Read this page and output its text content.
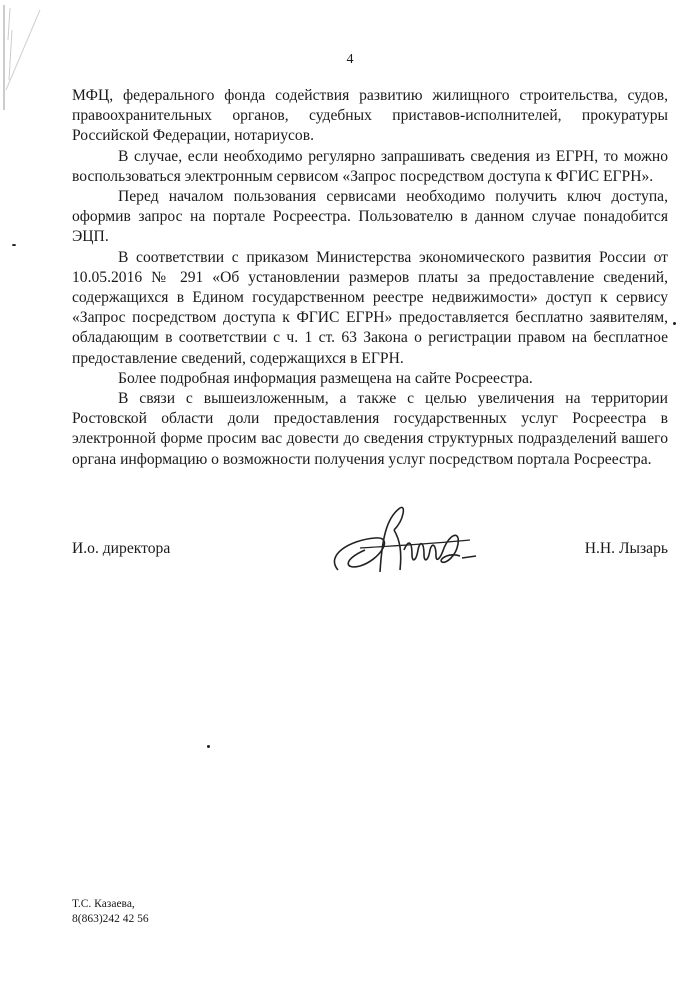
4

МФЦ, федерального фонда содействия развитию жилищного строительства, судов, правоохранительных органов, судебных приставов-исполнителей, прокуратуры Российской Федерации, нотариусов.

В случае, если необходимо регулярно запрашивать сведения из ЕГРН, то можно воспользоваться электронным сервисом «Запрос посредством доступа к ФГИС ЕГРН».

Перед началом пользования сервисами необходимо получить ключ доступа, оформив запрос на портале Росреестра. Пользователю в данном случае понадобится ЭЦП.

В соответствии с приказом Министерства экономического развития России от 10.05.2016 № 291 «Об установлении размеров платы за предоставление сведений, содержащихся в Едином государственном реестре недвижимости» доступ к сервису «Запрос посредством доступа к ФГИС ЕГРН» предоставляется бесплатно заявителям, обладающим в соответствии с ч. 1 ст. 63 Закона о регистрации правом на бесплатное предоставление сведений, содержащихся в ЕГРН.

Более подробная информация размещена на сайте Росреестра.

В связи с вышеизложенным, а также с целью увеличения на территории Ростовской области доли предоставления государственных услуг Росреестра в электронной форме просим вас довести до сведения структурных подразделений вашего органа информацию о возможности получения услуг посредством портала Росреестра.

И.о. директора	Н.Н. Лызарь
Т.С. Казаева,
8(863)242 42 56
